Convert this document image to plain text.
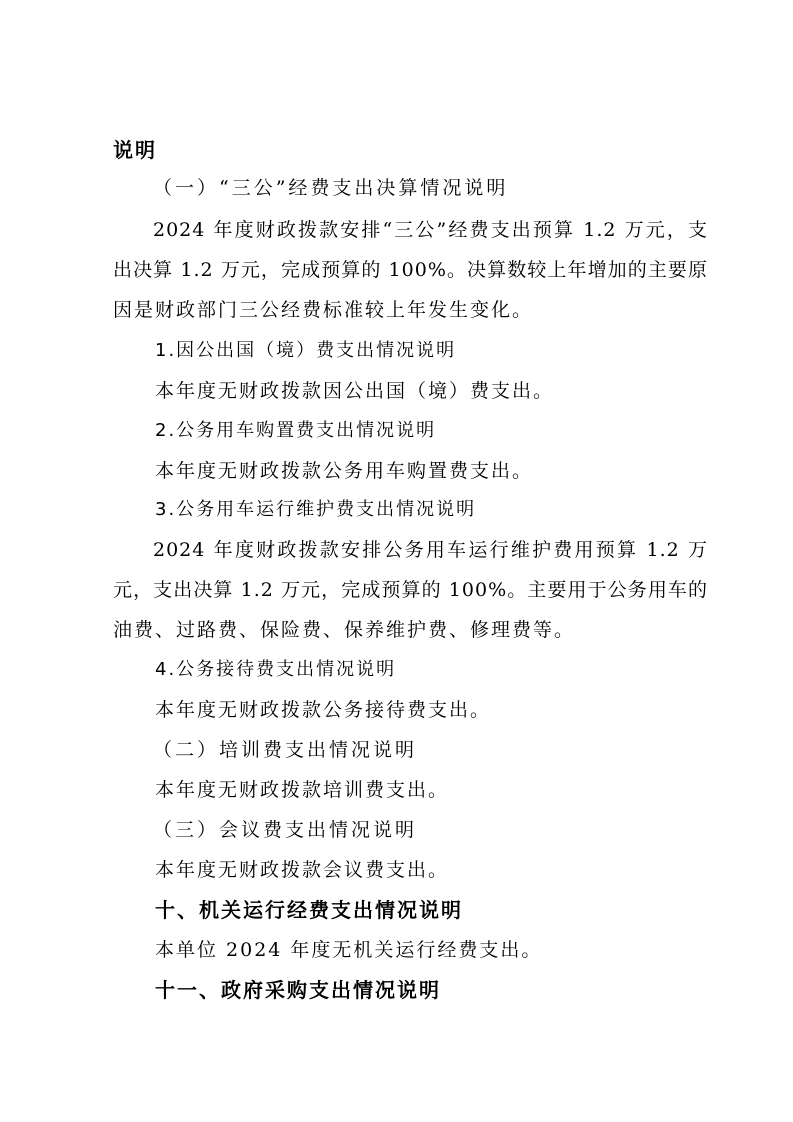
说明
（一）“三公”经费支出决算情况说明
2024 年度财政拨款安排“三公”经费支出预算 1.2 万元，支
出决算 1.2 万元，完成预算的 100%。决算数较上年增加的主要原
因是财政部门三公经费标准较上年发生变化。
1.因公出国（境）费支出情况说明
本年度无财政拨款因公出国（境）费支出。
2.公务用车购置费支出情况说明
本年度无财政拨款公务用车购置费支出。
3.公务用车运行维护费支出情况说明
2024 年度财政拨款安排公务用车运行维护费用预算 1.2 万
元，支出决算 1.2 万元，完成预算的 100%。主要用于公务用车的
油费、过路费、保险费、保养维护费、修理费等。
4.公务接待费支出情况说明
本年度无财政拨款公务接待费支出。
（二）培训费支出情况说明
本年度无财政拨款培训费支出。
（三）会议费支出情况说明
本年度无财政拨款会议费支出。
十、机关运行经费支出情况说明
本单位 2024 年度无机关运行经费支出。
十一、政府采购支出情况说明
